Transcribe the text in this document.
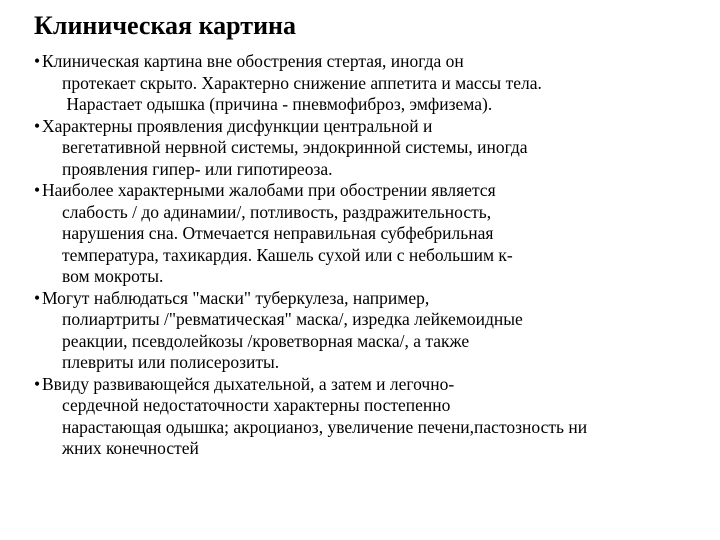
Клиническая картина
• Клиническая картина вне обострения стертая, иногда он
протекает скрыто. Характерно снижение аппетита и массы тела.
Нарастает одышка (причина - пневмофиброз, эмфизема).
• Характерны проявления дисфункции центральной и
вегетативной нервной системы, эндокринной системы, иногда
проявления гипер- или гипотиреоза.
• Наиболее характерными жалобами при обострении является
слабость / до адинамии/, потливость, раздражительность,
нарушения сна. Отмечается неправильная субфебрильная
температура, тахикардия. Кашель сухой или с небольшим к-
вом мокроты.
• Могут наблюдаться "маски" туберкулеза, например,
полиартриты /"ревматическая" маска/, изредка лейкемоидные
реакции, псевдолейкозы /кроветворная маска/, а также
плевриты или полисерозиты.
• Ввиду развивающейся дыхательной, а затем и легочно-
сердечной недостаточности характерны постепенно
нарастающая одышка; акроцианоз, увеличение печени,пастозность ни
жних конечностей
